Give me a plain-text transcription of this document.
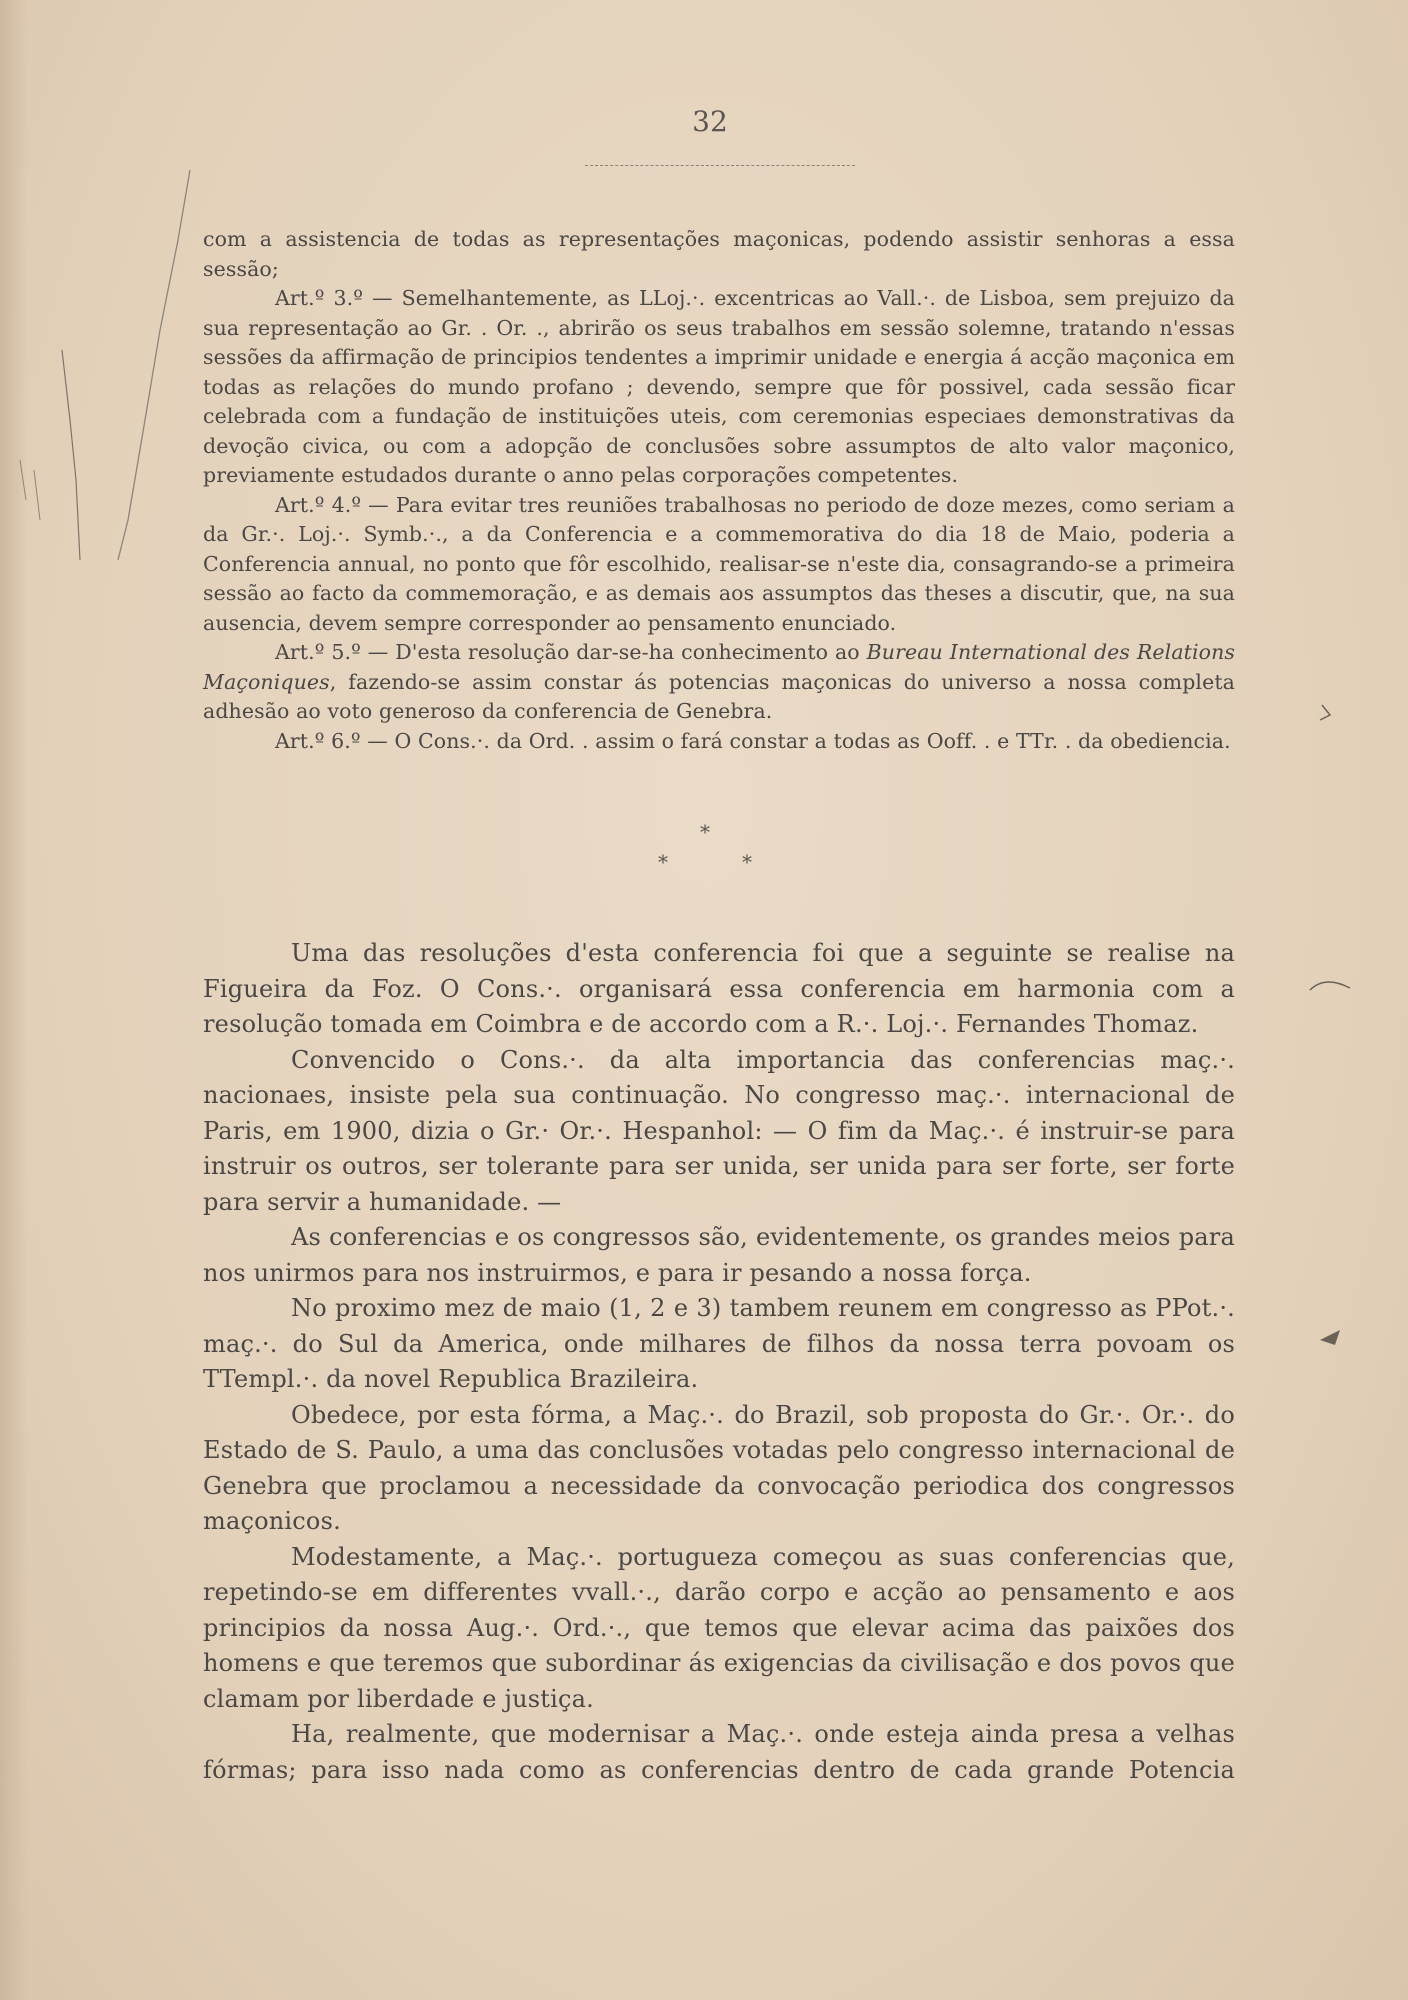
32

com a assistencia de todas as representações maçonicas, podendo assistir senhoras a essa sessão;

Art.º 3.º — Semelhantemente, as LLoj.·. excentricas ao Vall.·. de Lisboa, sem prejuizo da sua representação ao Gr. . Or. ., abrirão os seus trabalhos em sessão solemne, tratando n'essas sessões da affirmação de principios tendentes a imprimir unidade e energia á acção maçonica em todas as relações do mundo profano ; devendo, sempre que fôr possivel, cada sessão ficar celebrada com a fundação de instituições uteis, com ceremonias especiaes demonstrativas da devoção civica, ou com a adopção de conclusões sobre assumptos de alto valor maçonico, previamente estudados durante o anno pelas corporações competentes.

Art.º 4.º — Para evitar tres reuniões trabalhosas no periodo de doze mezes, como seriam a da Gr.·. Loj.·. Symb.·., a da Conferencia e a commemorativa do dia 18 de Maio, poderia a Conferencia annual, no ponto que fôr escolhido, realisar-se n'este dia, consagrando-se a primeira sessão ao facto da commemoração, e as demais aos assumptos das theses a discutir, que, na sua ausencia, devem sempre corresponder ao pensamento enunciado.

Art.º 5.º — D'esta resolução dar-se-ha conhecimento ao Bureau International des Relations Maçoniques, fazendo-se assim constar ás potencias maçonicas do universo a nossa completa adhesão ao voto generoso da conferencia de Genebra.

Art.º 6.º — O Cons.·. da Ord. . assim o fará constar a todas as Ooff. . e TTr. . da obediencia.

*
*	*

Uma das resoluções d'esta conferencia foi que a seguinte se realise na Figueira da Foz. O Cons.·. organisará essa conferencia em harmonia com a resolução tomada em Coimbra e de accordo com a R.·. Loj.·. Fernandes Thomaz.

Convencido o Cons.·. da alta importancia das conferencias maç.·. nacionaes, insiste pela sua continuação. No congresso maç.·. internacional de Paris, em 1900, dizia o Gr.· Or.·. Hespanhol: — O fim da Maç.·. é instruir-se para instruir os outros, ser tolerante para ser unida, ser unida para ser forte, ser forte para servir a humanidade. —

As conferencias e os congressos são, evidentemente, os grandes meios para nos unirmos para nos instruirmos, e para ir pesando a nossa força.

No proximo mez de maio (1, 2 e 3) tambem reunem em congresso as PPot.·. maç.·. do Sul da America, onde milhares de filhos da nossa terra povoam os TTempl.·. da novel Republica Brazileira.

Obedece, por esta fórma, a Maç.·. do Brazil, sob proposta do Gr.·. Or.·. do Estado de S. Paulo, a uma das conclusões votadas pelo congresso internacional de Genebra que proclamou a necessidade da convocação periodica dos congressos maçonicos.

Modestamente, a Maç.·. portugueza começou as suas conferencias que, repetindo-se em differentes vvall.·., darão corpo e acção ao pensamento e aos principios da nossa Aug.·. Ord.·., que temos que elevar acima das paixões dos homens e que teremos que subordinar ás exigencias da civilisação e dos povos que clamam por liberdade e justiça.

Ha, realmente, que modernisar a Maç.·. onde esteja ainda presa a velhas fórmas; para isso nada como as conferencias dentro de cada grande Potencia
